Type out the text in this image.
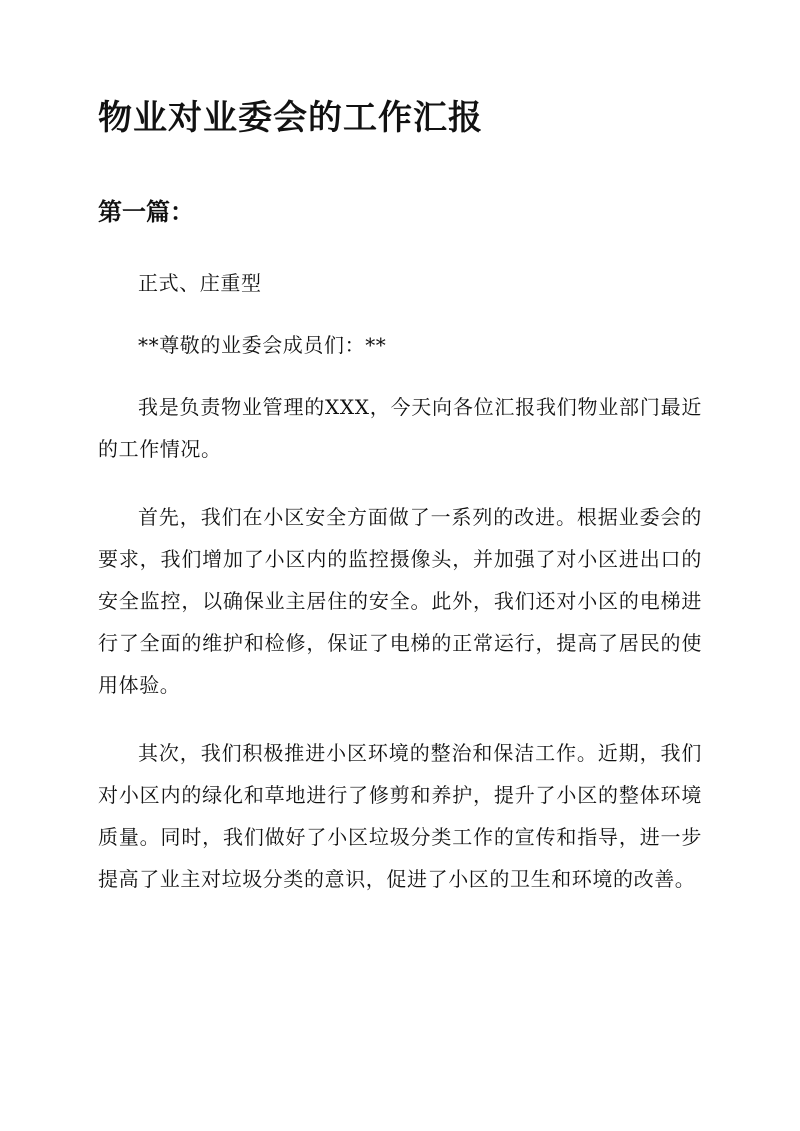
物业对业委会的工作汇报
第一篇：

正式、庄重型

**尊敬的业委会成员们：**

我是负责物业管理的XXX，今天向各位汇报我们物业部门最近的工作情况。

首先，我们在小区安全方面做了一系列的改进。根据业委会的要求，我们增加了小区内的监控摄像头，并加强了对小区进出口的安全监控，以确保业主居住的安全。此外，我们还对小区的电梯进行了全面的维护和检修，保证了电梯的正常运行，提高了居民的使用体验。

其次，我们积极推进小区环境的整治和保洁工作。近期，我们对小区内的绿化和草地进行了修剪和养护，提升了小区的整体环境质量。同时，我们做好了小区垃圾分类工作的宣传和指导，进一步提高了业主对垃圾分类的意识，促进了小区的卫生和环境的改善。
